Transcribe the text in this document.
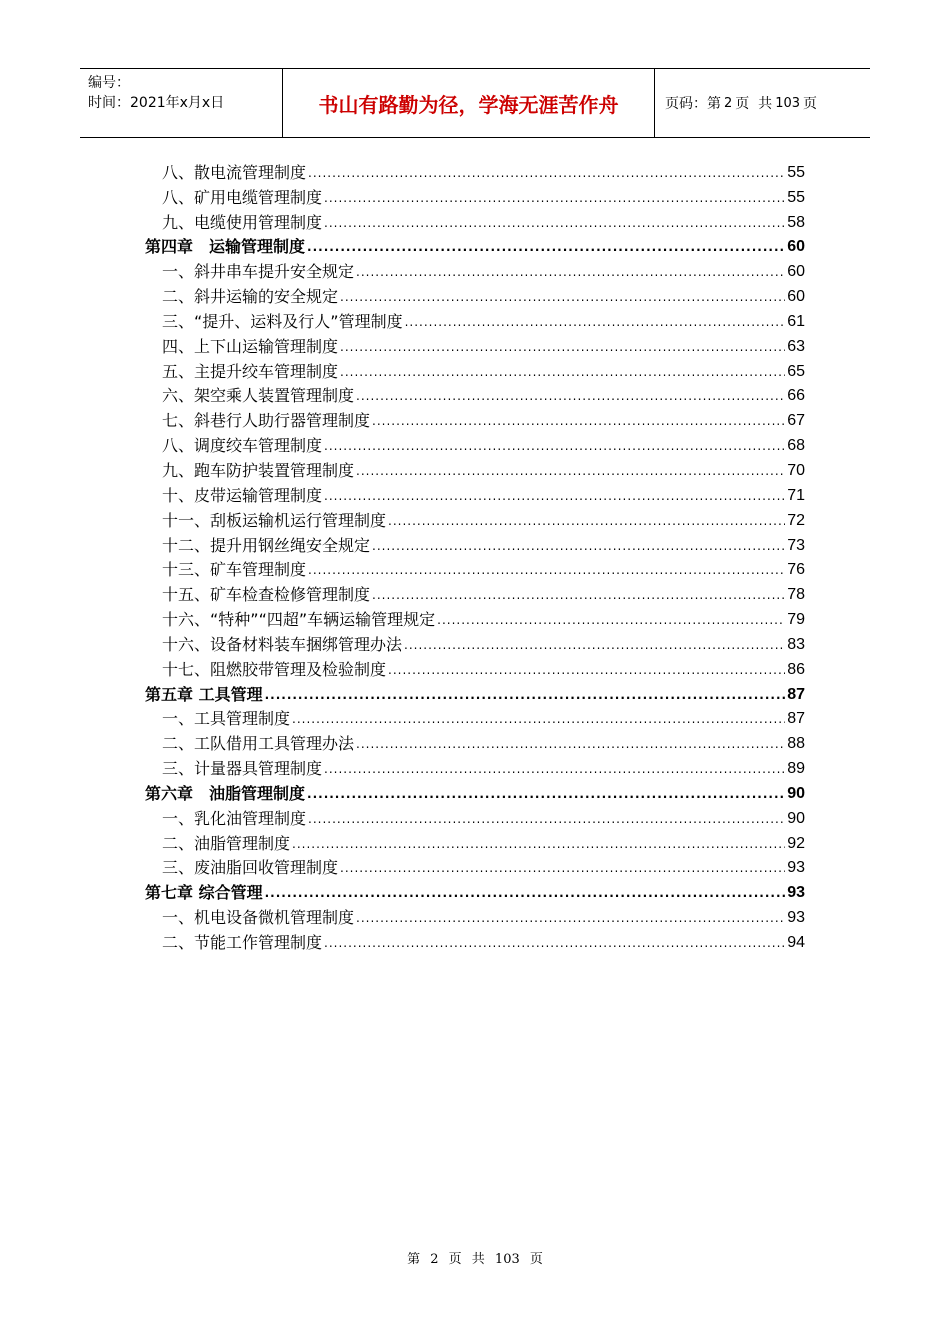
编号：
时间：2021年x月x日	书山有路勤为径，学海无涯苦作舟	页码：第 2 页  共 103 页
八、散电流管理制度 .....	55
八、矿用电缆管理制度 .....	55
九、电缆使用管理制度 .....	58
第四章　运输管理制度 .....	60
一、斜井串车提升安全规定 .....	60
二、斜井运输的安全规定 .....	60
三、“提升、运料及行人”管理制度 .....	61
四、上下山运输管理制度 .....	63
五、主提升绞车管理制度 .....	65
六、架空乘人装置管理制度 .....	66
七、斜巷行人助行器管理制度 .....	67
八、调度绞车管理制度 .....	68
九、跑车防护装置管理制度 .....	70
十、皮带运输管理制度 .....	71
十一、刮板运输机运行管理制度 .....	72
十二、提升用钢丝绳安全规定 .....	73
十三、矿车管理制度 .....	76
十五、矿车检查检修管理制度 .....	78
十六、“特种”“四超”车辆运输管理规定 .....	79
十六、设备材料装车捆绑管理办法 .....	83
十七、阻燃胶带管理及检验制度 .....	86
第五章 工具管理 .....	87
一、工具管理制度 .....	87
二、工队借用工具管理办法 .....	88
三、计量器具管理制度 .....	89
第六章　油脂管理制度 .....	90
一、乳化油管理制度 .....	90
二、油脂管理制度 .....	92
三、废油脂回收管理制度 .....	93
第七章 综合管理 .....	93
一、机电设备微机管理制度 .....	93
二、节能工作管理制度 .....	94
第 2 页 共 103 页
